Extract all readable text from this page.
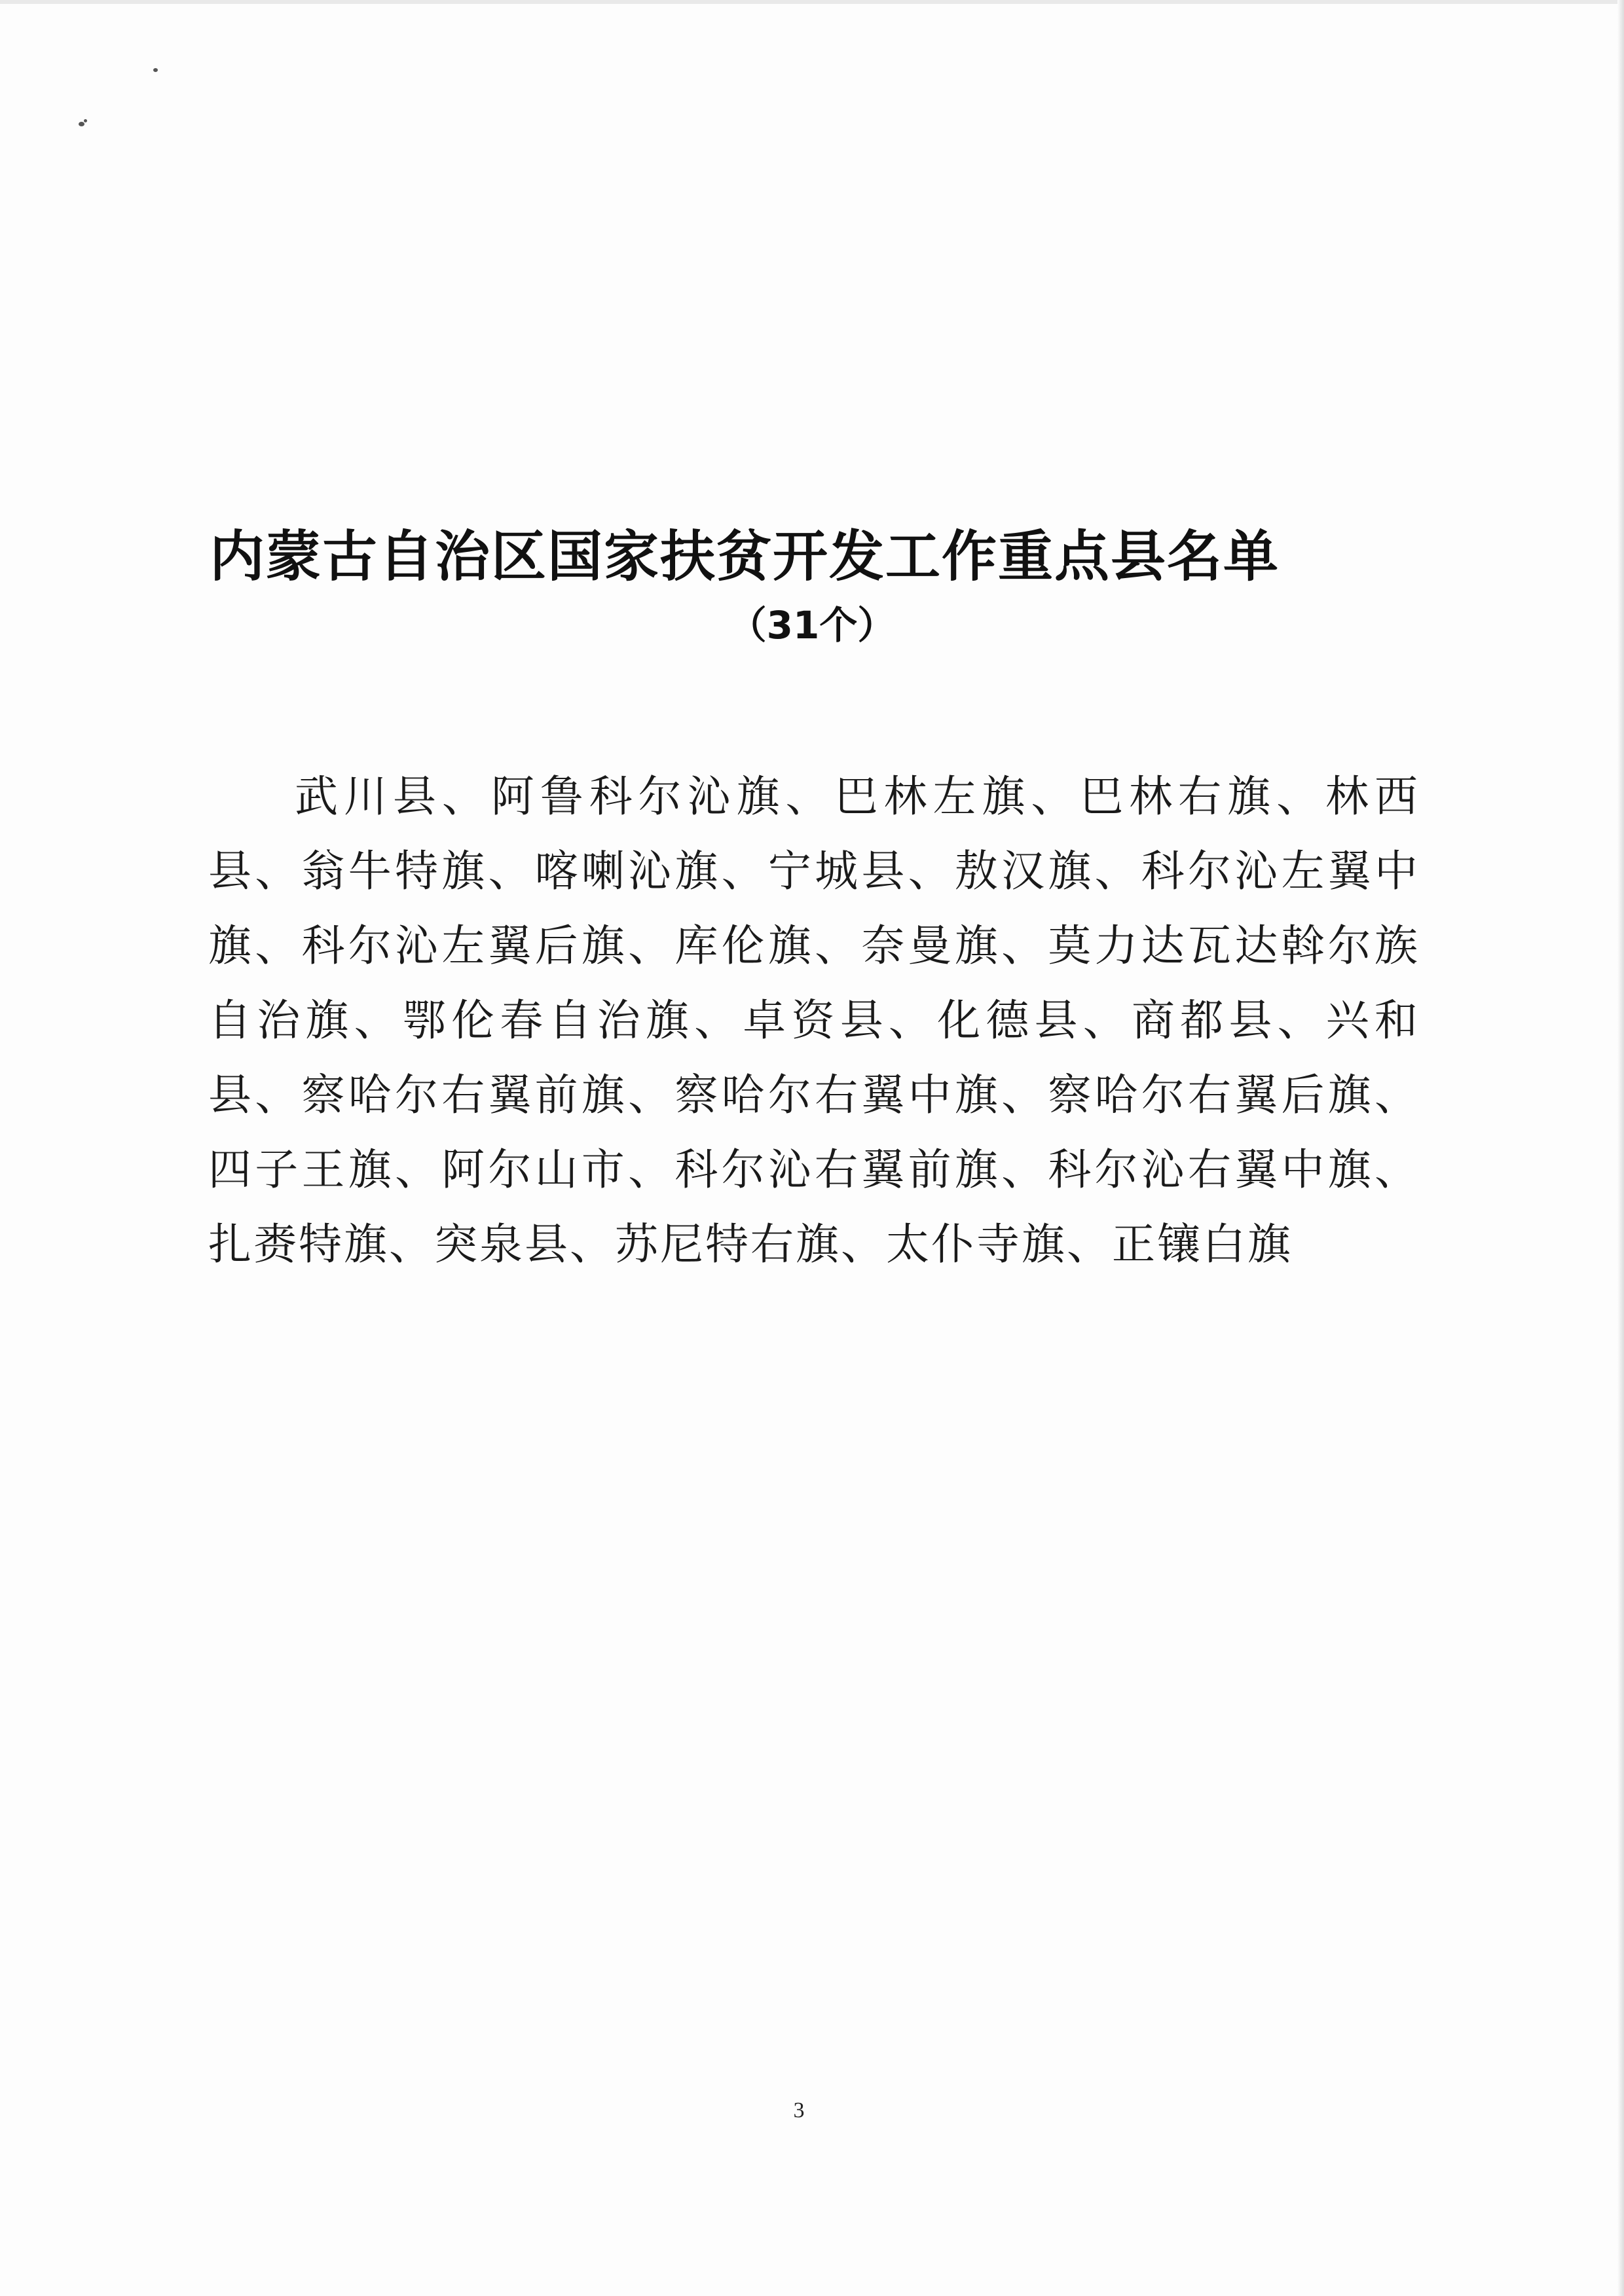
内蒙古自治区国家扶贫开发工作重点县名单
（31个）

武川县、阿鲁科尔沁旗、巴林左旗、巴林右旗、林西县、翁牛特旗、喀喇沁旗、宁城县、敖汉旗、科尔沁左翼中旗、科尔沁左翼后旗、库伦旗、奈曼旗、莫力达瓦达斡尔族自治旗、鄂伦春自治旗、卓资县、化德县、商都县、兴和县、察哈尔右翼前旗、察哈尔右翼中旗、察哈尔右翼后旗、四子王旗、阿尔山市、科尔沁右翼前旗、科尔沁右翼中旗、扎赉特旗、突泉县、苏尼特右旗、太仆寺旗、正镶白旗

3
